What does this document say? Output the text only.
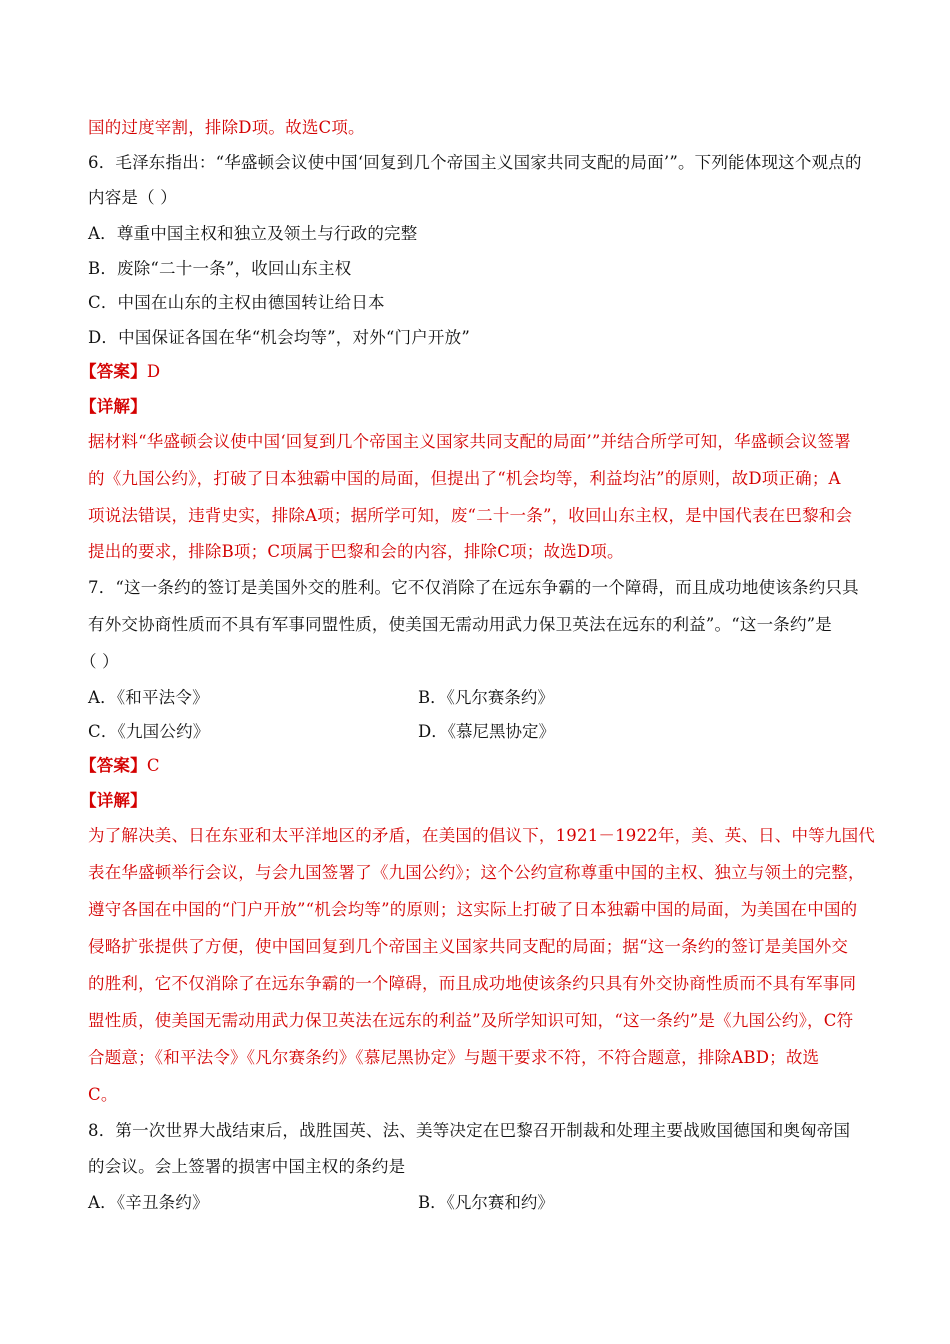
国的过度宰割，排除D项。故选C项。
6．毛泽东指出：“华盛顿会议使中国‘回复到几个帝国主义国家共同支配的局面’”。下列能体现这个观点的
内容是（ ）
A．尊重中国主权和独立及领土与行政的完整
B．废除“二十一条”，收回山东主权
C．中国在山东的主权由德国转让给日本
D．中国保证各国在华“机会均等”，对外“门户开放”
【答案】D
【详解】
据材料“华盛顿会议使中国‘回复到几个帝国主义国家共同支配的局面’”并结合所学可知，华盛顿会议签署
的《九国公约》，打破了日本独霸中国的局面，但提出了“机会均等，利益均沾”的原则，故D项正确；A
项说法错误，违背史实，排除A项；据所学可知，废“二十一条”，收回山东主权，是中国代表在巴黎和会
提出的要求，排除B项；C项属于巴黎和会的内容，排除C项；故选D项。
7．“这一条约的签订是美国外交的胜利。它不仅消除了在远东争霸的一个障碍，而且成功地使该条约只具
有外交协商性质而不具有军事同盟性质，使美国无需动用武力保卫英法在远东的利益”。“这一条约”是
（ ）
A．《和平法令》	B．《凡尔赛条约》
C．《九国公约》	D．《慕尼黑协定》
【答案】C
【详解】
为了解决美、日在东亚和太平洋地区的矛盾，在美国的倡议下，1921－1922年，美、英、日、中等九国代
表在华盛顿举行会议，与会九国签署了《九国公约》；这个公约宣称尊重中国的主权、独立与领土的完整，
遵守各国在中国的“门户开放”“机会均等”的原则；这实际上打破了日本独霸中国的局面，为美国在中国的
侵略扩张提供了方便，使中国回复到几个帝国主义国家共同支配的局面；据“这一条约的签订是美国外交
的胜利，它不仅消除了在远东争霸的一个障碍，而且成功地使该条约只具有外交协商性质而不具有军事同
盟性质，使美国无需动用武力保卫英法在远东的利益”及所学知识可知，“这一条约”是《九国公约》，C符
合题意；《和平法令》《凡尔赛条约》《慕尼黑协定》与题干要求不符，不符合题意，排除ABD；故选
C。
8．第一次世界大战结束后，战胜国英、法、美等决定在巴黎召开制裁和处理主要战败国德国和奥匈帝国
的会议。会上签署的损害中国主权的条约是
A．《辛丑条约》	B．《凡尔赛和约》
